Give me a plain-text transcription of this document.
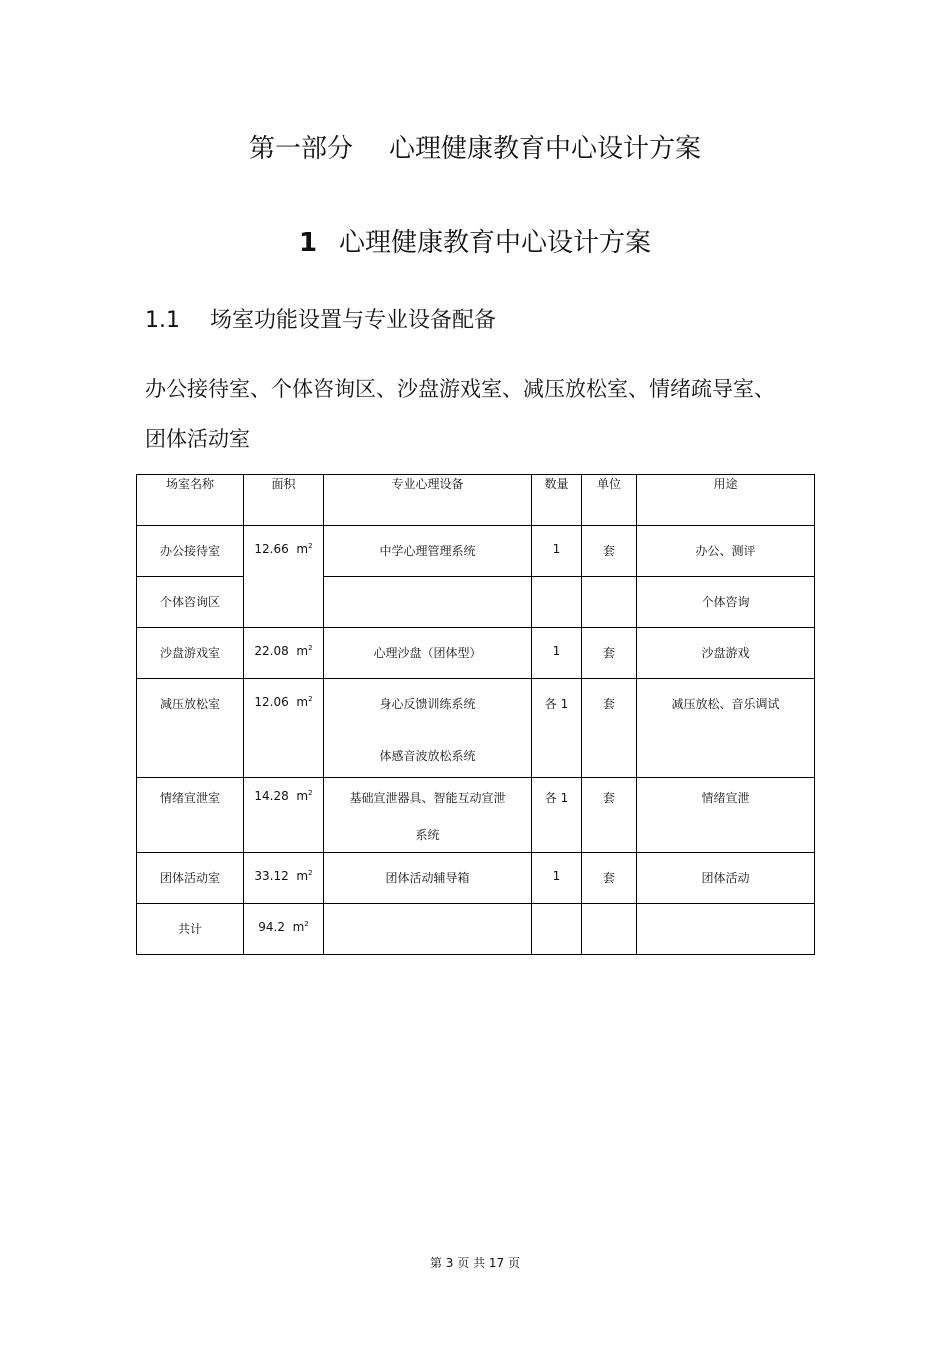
第一部分 心理健康教育中心设计方案
1 心理健康教育中心设计方案
1.1 场室功能设置与专业设备配备
办公接待室、个体咨询区、沙盘游戏室、减压放松室、情绪疏导室、
团体活动室
场室名称	面积	专业心理设备	数量	单位	用途

办公接待室	12.66 $m^2$	中学心理管理系统	1	套	办公、测评

个体咨询区					个体咨询

沙盘游戏室	22.08 $m^2$	心理沙盘（团体型）	1	套	沙盘游戏

减压放松室	12.06 $m^2$	身心反馈训练系统
体感音波放松系统	各 1	套	减压放松、音乐调试

情绪宣泄室	14.28 $m^2$	基础宣泄器具、智能互动宣泄
系统	各 1	套	情绪宣泄

团体活动室	33.12 $m^2$	团体活动辅导箱	1	套	团体活动

共计	94.2 $m^2$

第 3 页 共 17 页
